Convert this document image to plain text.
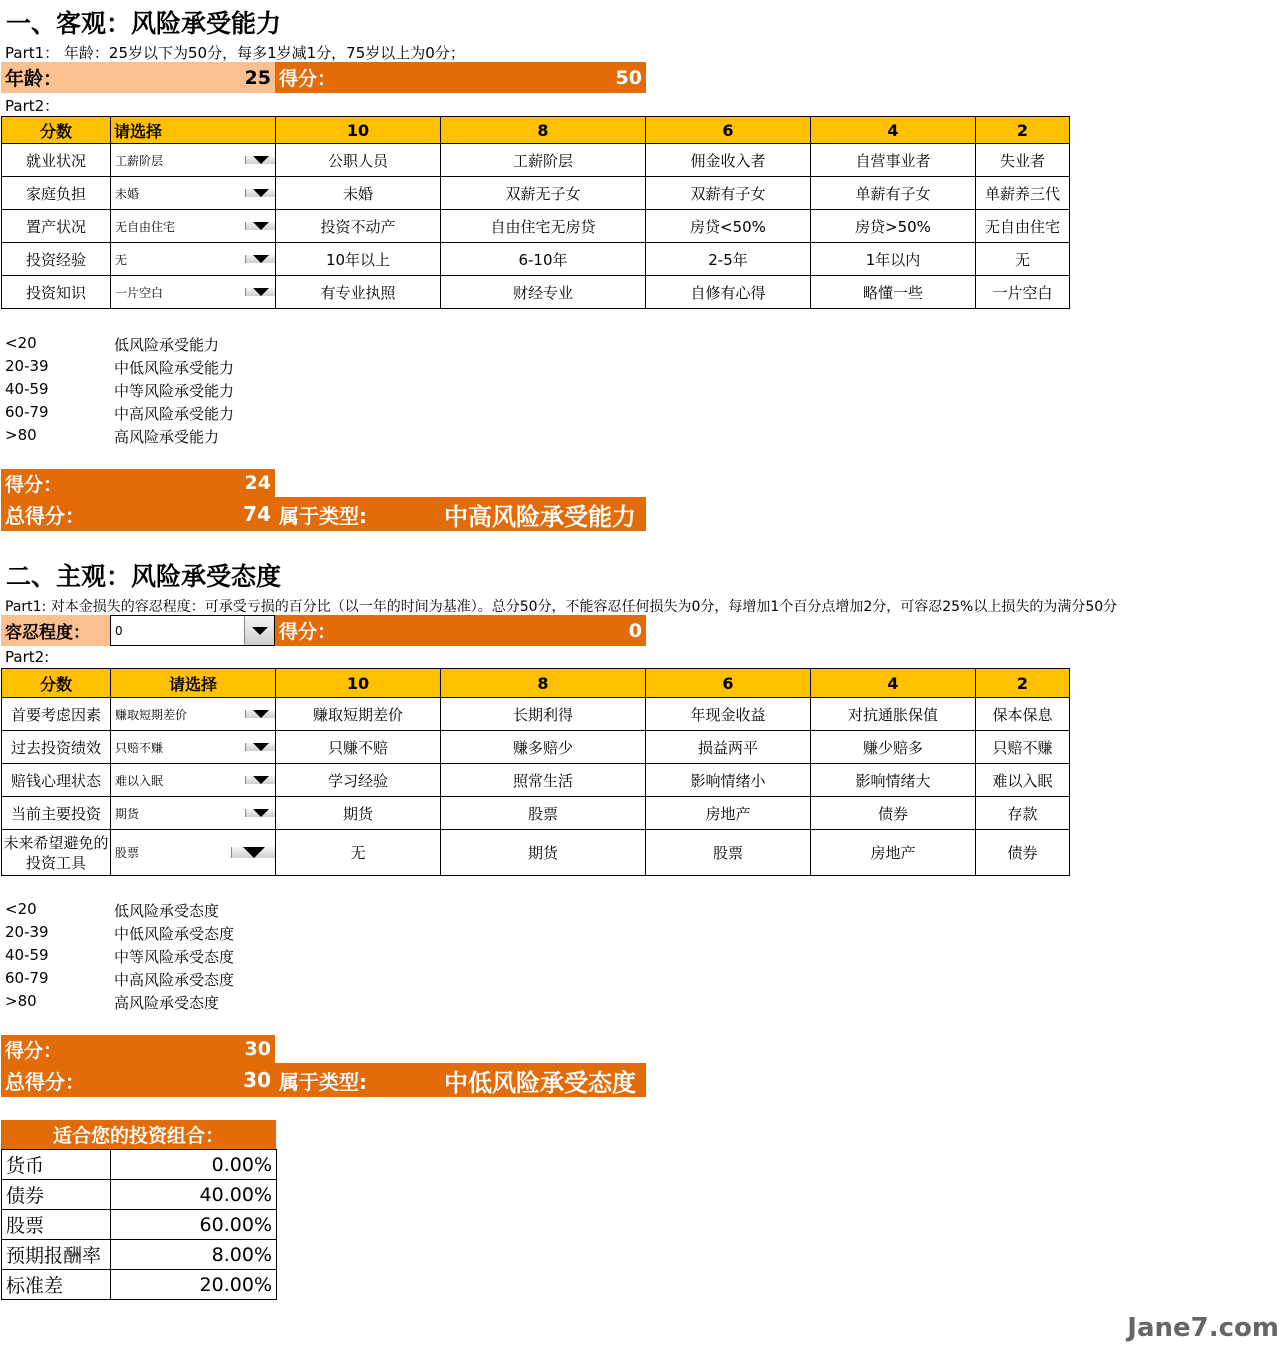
一、客观：风险承受能力
Part1： 年龄：25岁以下为50分，每多1岁减1分，75岁以上为0分；
年龄：	25 得分：	50
Part2：
分数	请选择	10	8	6	4	2
就业状况	工薪阶层	公职人员	工薪阶层	佣金收入者	自营事业者	失业者
家庭负担	未婚	未婚	双薪无子女	双薪有子女	单薪有子女	单薪养三代
置产状况	无自由住宅	投资不动产	自由住宅无房贷	房贷<50%	房贷>50%	无自由住宅
投资经验	无	10年以上	6-10年	2-5年	1年以内	无
投资知识	一片空白	有专业执照	财经专业	自修有心得	略懂一些	一片空白
<20	低风险承受能力
20-39	中低风险承受能力
40-59	中等风险承受能力
60-79	中高风险承受能力
>80	高风险承受能力
得分：	24
总得分：	74 属于类型:	中高风险承受能力
二、主观：风险承受态度
Part1: 对本金损失的容忍程度：可承受亏损的百分比（以一年的时间为基准）。总分50分，不能容忍任何损失为0分，每增加1个百分点增加2分，可容忍25%以上损失的为满分50分
容忍程度：	0	得分：	0
Part2:
分数	请选择	10	8	6	4	2
首要考虑因素	赚取短期差价	赚取短期差价	长期利得	年现金收益	对抗通胀保值	保本保息
过去投资绩效	只赔不赚	只赚不赔	赚多赔少	损益两平	赚少赔多	只赔不赚
赔钱心理状态	难以入眠	学习经验	照常生活	影响情绪小	影响情绪大	难以入眠
当前主要投资	期货	期货	股票	房地产	债券	存款
未来希望避免的投资工具	股票	无	期货	股票	房地产	债券
<20	低风险承受态度
20-39	中低风险承受态度
40-59	中等风险承受态度
60-79	中高风险承受态度
>80	高风险承受态度
得分：	30
总得分：	30 属于类型:	中低风险承受态度
适合您的投资组合：
货币	0.00%
债券	40.00%
股票	60.00%
预期报酬率	8.00%
标准差	20.00%
Jane7.com
